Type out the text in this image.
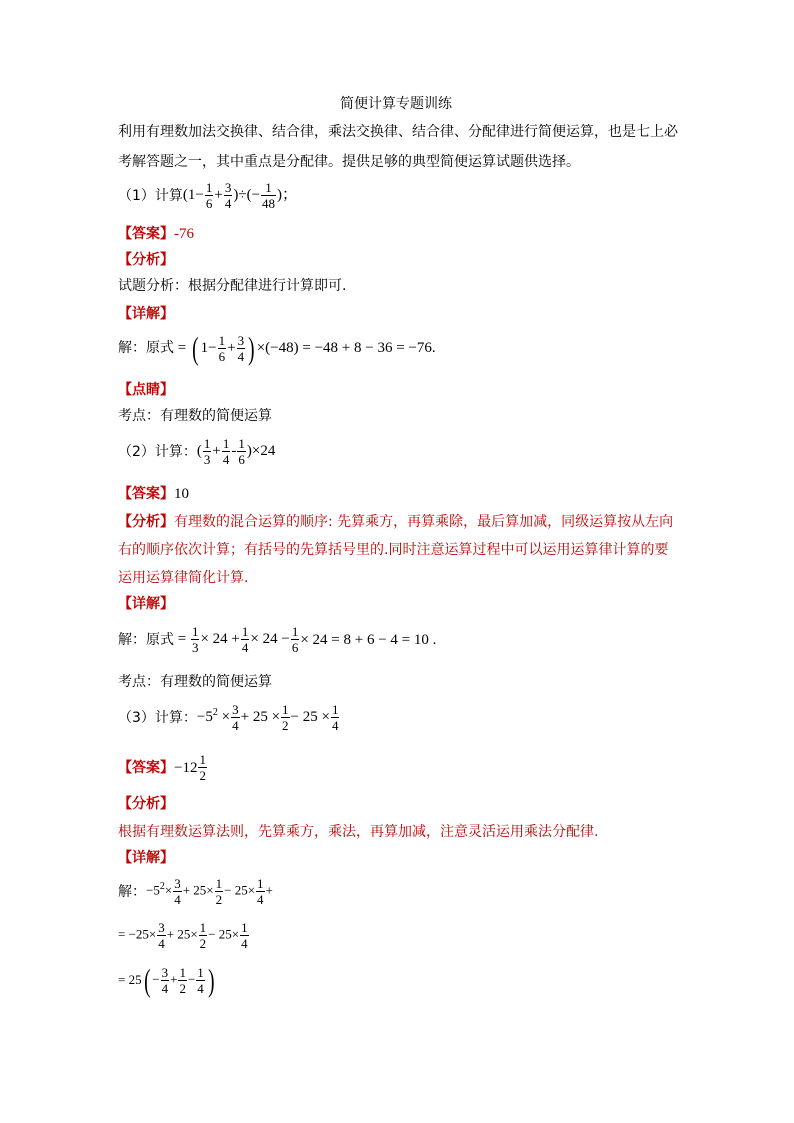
简便计算专题训练
利用有理数加法交换律、结合律，乘法交换律、结合律、分配律进行简便运算，也是七上必
考解答题之一，其中重点是分配律。提供足够的典型简便运算试题供选择。
（1）计算 ($1- \frac{1}{6} + \frac{3}{4}$ )÷(− $\frac{1}{48}$ )；
【答案】-76
【分析】
试题分析：根据分配律进行计算即可.
【详解】
解： 原式 = ( $1- \frac{1}{6} + \frac{3}{4}$ ) ×(−48) = −48 + 8 − 36 = −76.
【点睛】
考点：有理数的简便运算
（2）计算： ( $\frac{1}{3} + \frac{1}{4} - \frac{1}{6} )\times 24$
【答案】10
【分析】有理数的混合运算的顺序: 先算乘方，再算乘除，最后算加减，同级运算按从左向
右的顺序依次计算；有括号的先算括号里的.同时注意运算过程中可以运用运算律计算的要
运用运算律简化计算.
【详解】
解： 原式 = $\frac{1}{3} \times 24 + \frac{1}{4} \times 24 - \frac{1}{6} \times 24 = 8 + 6 - 4 = 10$ .
考点：有理数的简便运算
（3）计算： $-5^2 \times \frac{3}{4} + 25 \times \frac{1}{2} - 25 \times \frac{1}{4}$
【答案】 $-12 \frac{1}{2}$
【分析】
根据有理数运算法则，先算乘方，乘法，再算加减，注意灵活运用乘法分配律.
【详解】
解： $-5^2\times \frac{3}{4} + 25\times \frac{1}{2} - 25\times \frac{1}{4}$ +
= $-25\times \frac{3}{4} + 25\times \frac{1}{2} - 25\times \frac{1}{4}$
= 25 ( − $\frac{3}{4} + \frac{1}{2} - \frac{1}{4}$ )
